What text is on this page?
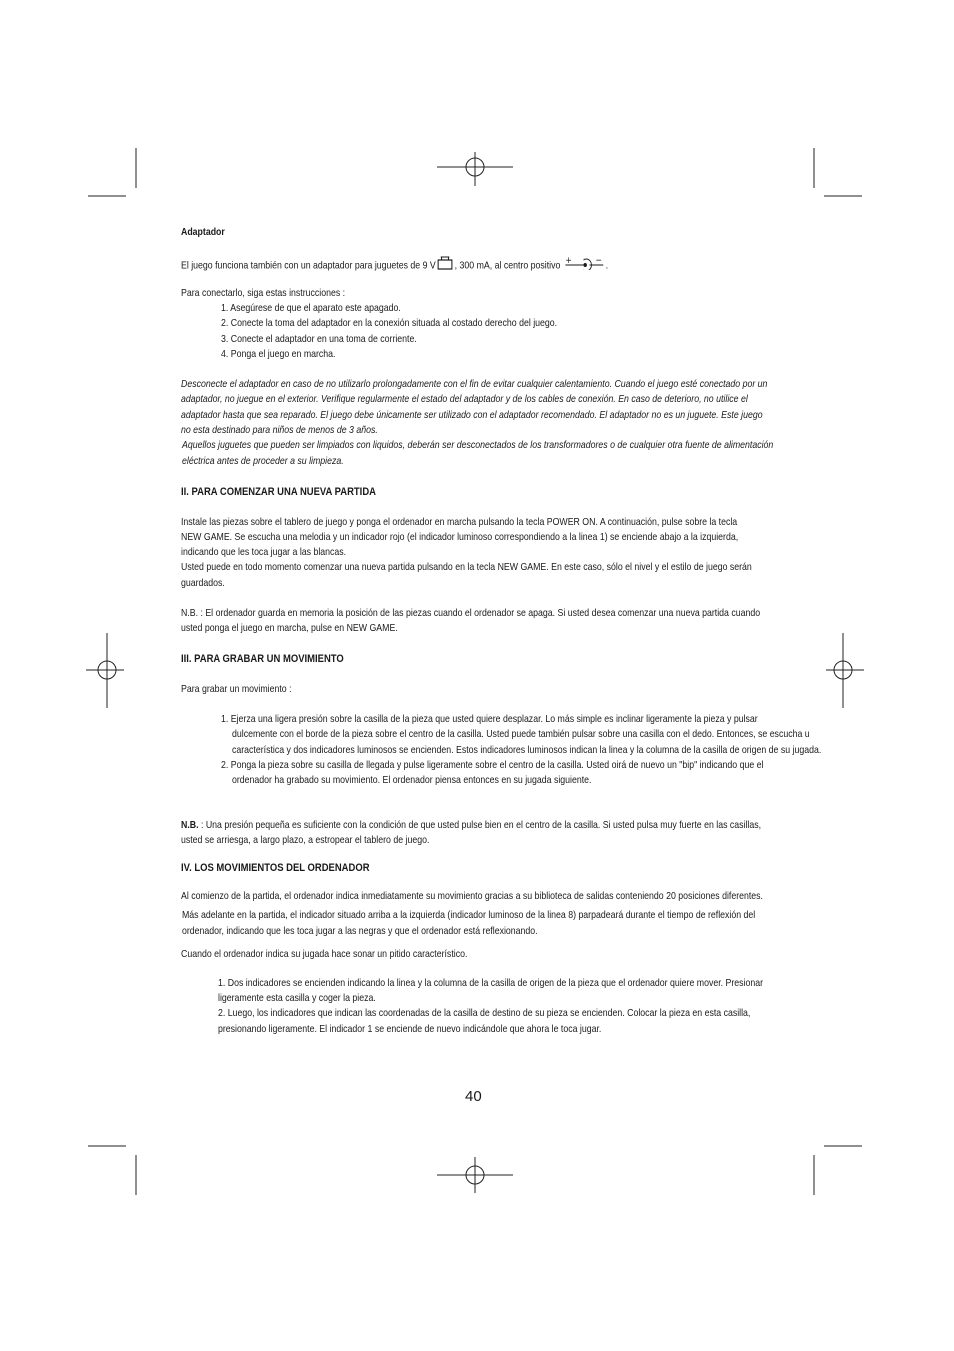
Adaptador
El juego funciona también con un adaptador para juguetes de 9 V , 300 mA, al centro positivo
+	−
.
Para conectarlo, siga estas instrucciones :
1. Asegúrese de que el aparato este apagado.
2. Conecte la toma del adaptador en la conexión situada al costado derecho del juego.
3. Conecte el adaptador en una toma de corriente.
4. Ponga el juego en marcha.
Desconecte el adaptador en caso de no utilizarlo prolongadamente con el fin de evitar cualquier calentamiento. Cuando el juego esté conectado por un
adaptador, no juegue en el exterior. Verifique regularmente el estado del adaptador y de los cables de conexión. En caso de deterioro, no utilice el
adaptador hasta que sea reparado. El juego debe únicamente ser utilizado con el adaptador recomendado. El adaptador no es un juguete. Este juego
no esta destinado para niños de menos de 3 años.
Aquellos juguetes que pueden ser limpiados con liquidos, deberán ser desconectados de los transformadores o de cualquier otra fuente de alimentación
eléctrica antes de proceder a su limpieza.
II. PARA COMENZAR UNA NUEVA PARTIDA
Instale las piezas sobre el tablero de juego y ponga el ordenador en marcha pulsando la tecla POWER ON. A continuación, pulse sobre la tecla
NEW GAME. Se escucha una melodia y un indicador rojo (el indicador luminoso correspondiendo a la linea 1) se enciende abajo a la izquierda,
indicando que les toca jugar a las blancas.
Usted puede en todo momento comenzar una nueva partida pulsando en la tecla NEW GAME. En este caso, sólo el nivel y el estilo de juego serán
guardados.
N.B. : El ordenador guarda en memoria la posición de las piezas cuando el ordenador se apaga. Si usted desea comenzar una nueva partida cuando
usted ponga el juego en marcha, pulse en NEW GAME.
III. PARA GRABAR UN MOVIMIENTO
Para grabar un movimiento :
1. Ejerza una ligera presión sobre la casilla de la pieza que usted quiere desplazar. Lo más simple es inclinar ligeramente la pieza y pulsar
dulcemente con el borde de la pieza sobre el centro de la casilla. Usted puede también pulsar sobre una casilla con el dedo. Entonces, se escucha u
característica y dos indicadores luminosos se encienden. Estos indicadores luminosos indican la linea y la columna de la casilla de origen de su jugada.
2. Ponga la pieza sobre su casilla de llegada y pulse ligeramente sobre el centro de la casilla. Usted oirá de nuevo un "bip" indicando que el
ordenador ha grabado su movimiento. El ordenador piensa entonces en su jugada siguiente.
N.B. : Una presión pequeña es suficiente con la condición de que usted pulse bien en el centro de la casilla. Si usted pulsa muy fuerte en las casillas,
usted se arriesga, a largo plazo, a estropear el tablero de juego.
IV. LOS MOVIMIENTOS DEL ORDENADOR
Al comienzo de la partida, el ordenador indica inmediatamente su movimiento gracias a su biblioteca de salidas conteniendo 20 posiciones diferentes.
Más adelante en la partida, el indicador situado arriba a la izquierda (indicador luminoso de la linea 8) parpadeará durante el tiempo de reflexión del
ordenador, indicando que les toca jugar a las negras y que el ordenador está reflexionando.
Cuando el ordenador indica su jugada hace sonar un pitido característico.
1. Dos indicadores se encienden indicando la linea y la columna de la casilla de origen de la pieza que el ordenador quiere mover. Presionar
ligeramente esta casilla y coger la pieza.
2. Luego, los indicadores que indican las coordenadas de la casilla de destino de su pieza se encienden. Colocar la pieza en esta casilla,
presionando ligeramente. El indicador 1 se enciende de nuevo indicándole que ahora le toca jugar.
40
